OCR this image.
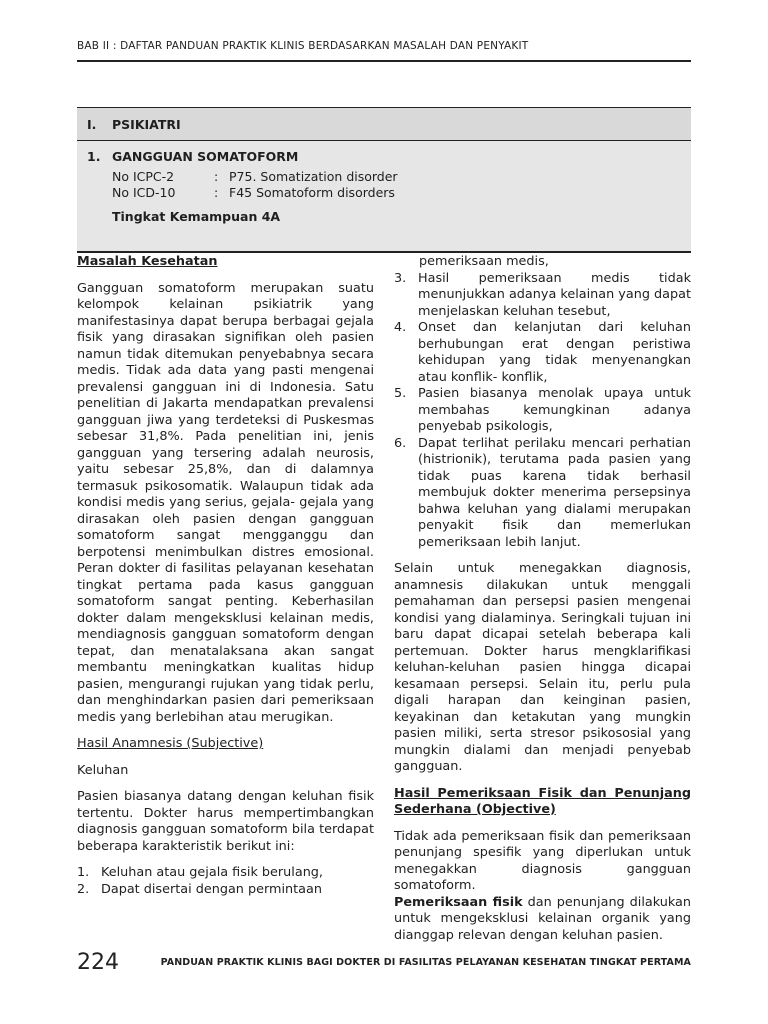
BAB II : DAFTAR PANDUAN PRAKTIK KLINIS BERDASARKAN MASALAH DAN PENYAKIT
I.	PSIKIATRI
1. GANGGUAN SOMATOFORM
No ICPC-2	: P75. Somatization disorder
No ICD-10	: F45 Somatoform disorders
Tingkat Kemampuan 4A

Masalah Kesehatan

Gangguan somatoform merupakan suatu kelompok kelainan psikiatrik yang manifestasinya dapat berupa berbagai gejala fisik yang dirasakan signifikan oleh pasien namun tidak ditemukan penyebabnya secara medis. Tidak ada data yang pasti mengenai prevalensi gangguan ini di Indonesia. Satu penelitian di Jakarta mendapatkan prevalensi gangguan jiwa yang terdeteksi di Puskesmas sebesar 31,8%. Pada penelitian ini, jenis gangguan yang tersering adalah neurosis, yaitu sebesar 25,8%, dan di dalamnya termasuk psikosomatik. Walaupun tidak ada kondisi medis yang serius, gejala- gejala yang dirasakan oleh pasien dengan gangguan somatoform sangat mengganggu dan berpotensi menimbulkan distres emosional. Peran dokter di fasilitas pelayanan kesehatan tingkat pertama pada kasus gangguan somatoform sangat penting. Keberhasilan dokter dalam mengeksklusi kelainan medis, mendiagnosis gangguan somatoform dengan tepat, dan menatalaksana akan sangat membantu meningkatkan kualitas hidup pasien, mengurangi rujukan yang tidak perlu, dan menghindarkan pasien dari pemeriksaan medis yang berlebihan atau merugikan.

Hasil Anamnesis (Subjective)

Keluhan

Pasien biasanya datang dengan keluhan fisik tertentu. Dokter harus mempertimbangkan diagnosis gangguan somatoform bila terdapat beberapa karakteristik berikut ini:

1. Keluhan atau gejala fisik berulang,
2. Dapat disertai dengan permintaan
pemeriksaan medis,
3. Hasil pemeriksaan medis tidak menunjukkan adanya kelainan yang dapat menjelaskan keluhan tesebut,
4. Onset dan kelanjutan dari keluhan berhubungan erat dengan peristiwa kehidupan yang tidak menyenangkan atau konflik- konflik,
5. Pasien biasanya menolak upaya untuk membahas kemungkinan adanya penyebab psikologis,
6. Dapat terlihat perilaku mencari perhatian (histrionik), terutama pada pasien yang tidak puas karena tidak berhasil membujuk dokter menerima persepsinya bahwa keluhan yang dialami merupakan penyakit fisik dan memerlukan pemeriksaan lebih lanjut.

Selain untuk menegakkan diagnosis, anamnesis dilakukan untuk menggali pemahaman dan persepsi pasien mengenai kondisi yang dialaminya. Seringkali tujuan ini baru dapat dicapai setelah beberapa kali pertemuan. Dokter harus mengklarifikasi keluhan-keluhan pasien hingga dicapai kesamaan persepsi. Selain itu, perlu pula digali harapan dan keinginan pasien, keyakinan dan ketakutan yang mungkin pasien miliki, serta stresor psikososial yang mungkin dialami dan menjadi penyebab gangguan.

Hasil Pemeriksaan Fisik dan Penunjang Sederhana (Objective)

Tidak ada pemeriksaan fisik dan pemeriksaan penunjang spesifik yang diperlukan untuk menegakkan diagnosis gangguan somatoform.

Pemeriksaan fisik dan penunjang dilakukan untuk mengeksklusi kelainan organik yang dianggap relevan dengan keluhan pasien.

224	PANDUAN PRAKTIK KLINIS BAGI DOKTER DI FASILITAS PELAYANAN KESEHATAN TINGKAT PERTAMA
